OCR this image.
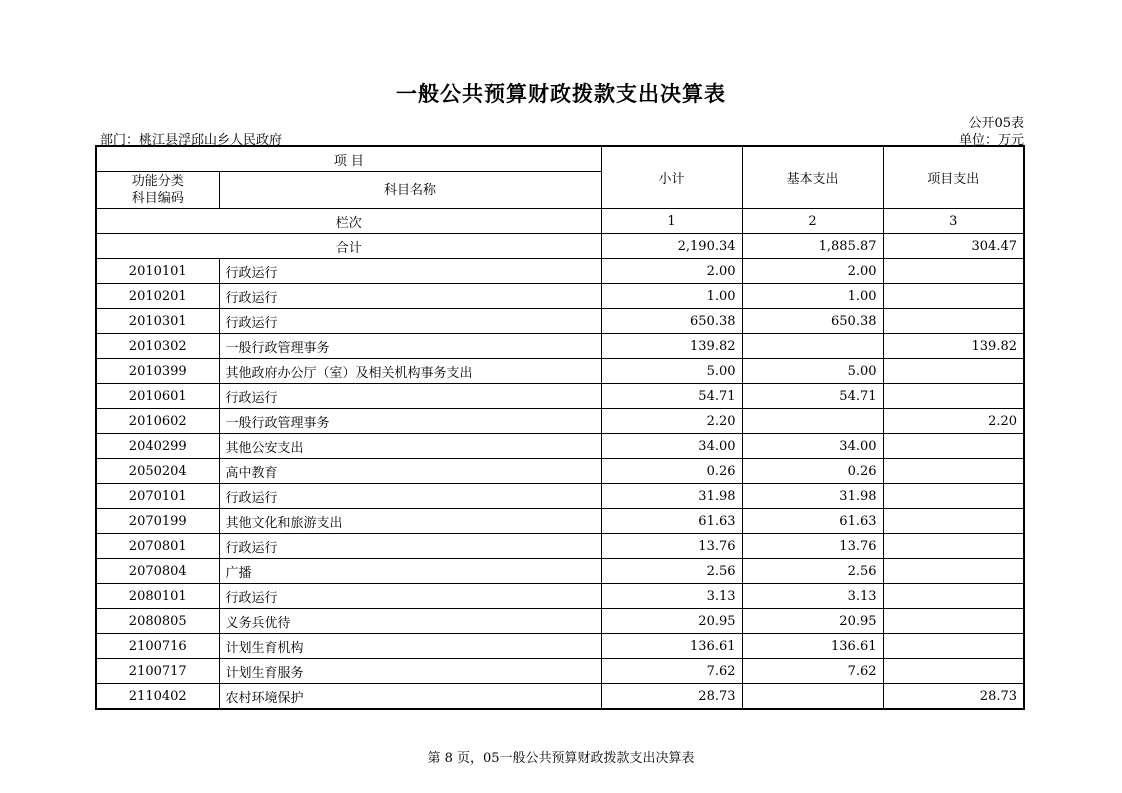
一般公共预算财政拨款支出决算表
公开05表
部门：桃江县浮邱山乡人民政府	单位：万元
项 目		小计	基本支出	项目支出
功能分类
科目编码	科目名称			
栏次		1	2	3
合计		2,190.34	1,885.87	304.47
2010101	行政运行	2.00	2.00	
2010201	行政运行	1.00	1.00	
2010301	行政运行	650.38	650.38	
2010302	一般行政管理事务	139.82		139.82
2010399	其他政府办公厅（室）及相关机构事务支出	5.00	5.00	
2010601	行政运行	54.71	54.71	
2010602	一般行政管理事务	2.20		2.20
2040299	其他公安支出	34.00	34.00	
2050204	高中教育	0.26	0.26	
2070101	行政运行	31.98	31.98	
2070199	其他文化和旅游支出	61.63	61.63	
2070801	行政运行	13.76	13.76	
2070804	广播	2.56	2.56	
2080101	行政运行	3.13	3.13	
2080805	义务兵优待	20.95	20.95	
2100716	计划生育机构	136.61	136.61	
2100717	计划生育服务	7.62	7.62	
2110402	农村环境保护	28.73		28.73
第 8 页，05一般公共预算财政拨款支出决算表
